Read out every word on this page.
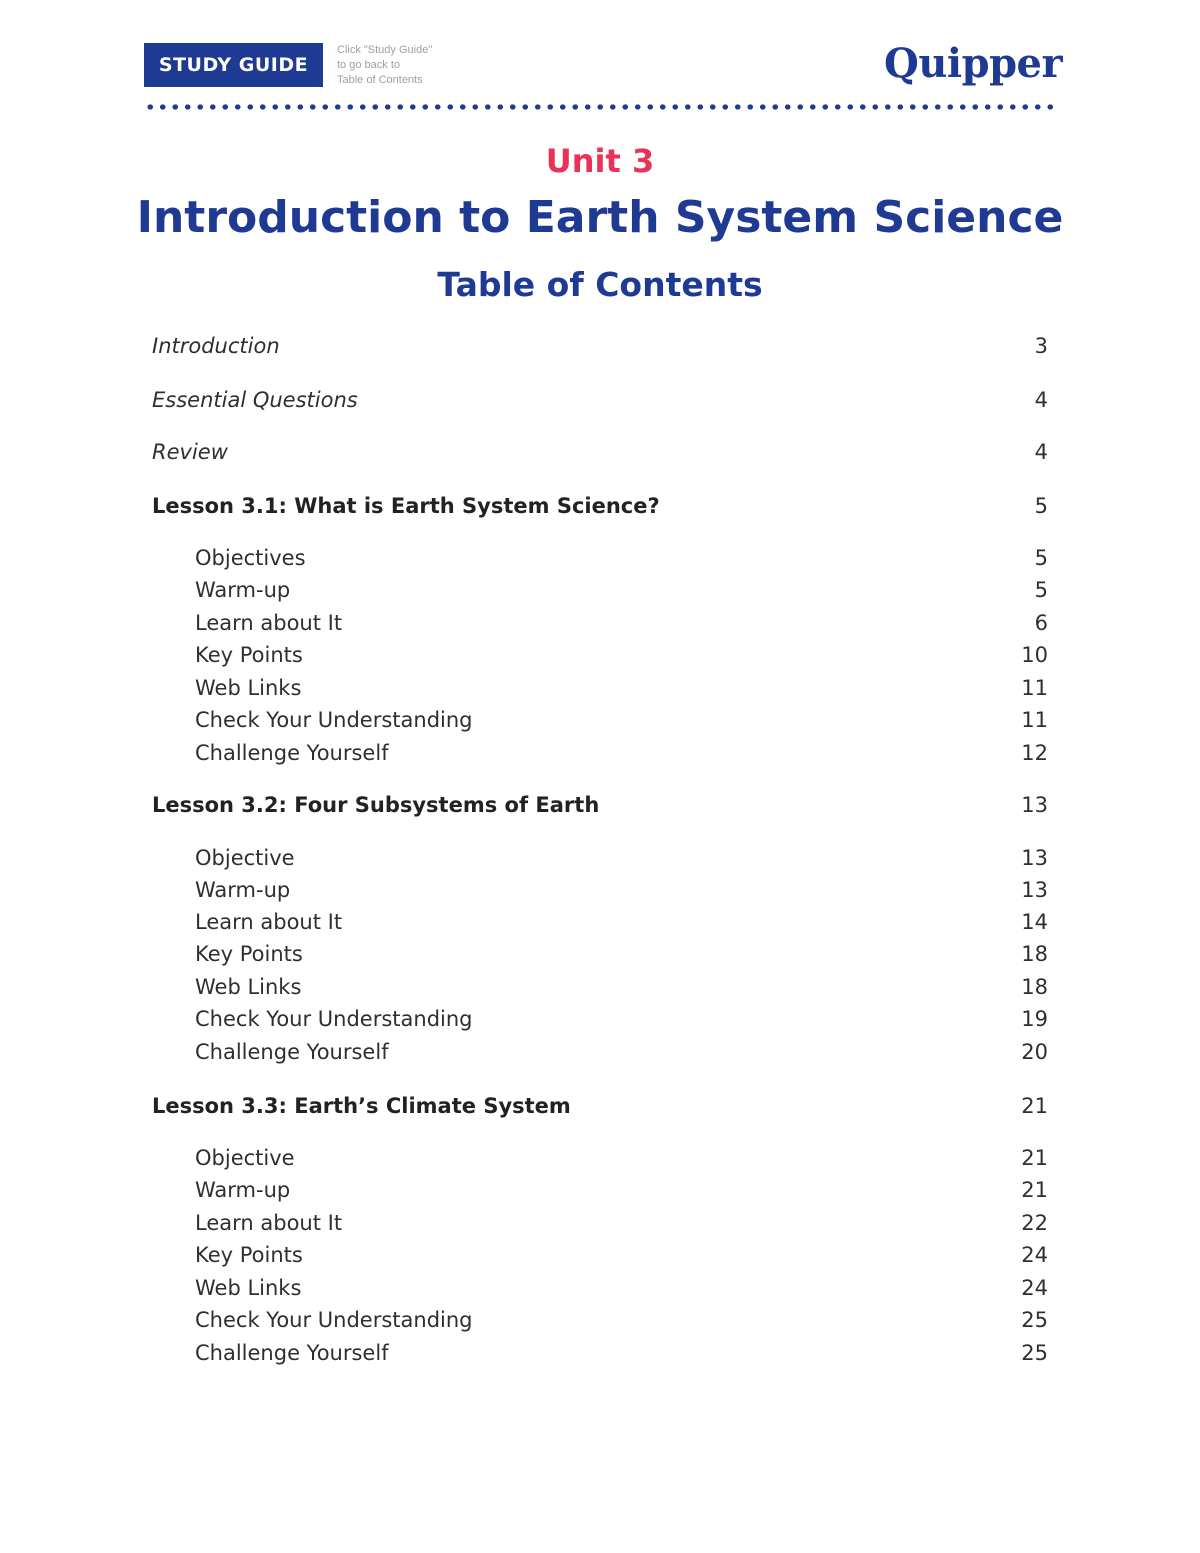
STUDY GUIDE
Click "Study Guide"
to go back to
Table of Contents	Quipper
Unit 3
Introduction to Earth System Science
Table of Contents
Introduction	3
Essential Questions	4
Review	4
Lesson 3.1: What is Earth System Science?	5
Objectives	5
Warm-up	5
Learn about It	6
Key Points	10
Web Links	11
Check Your Understanding	11
Challenge Yourself	12
Lesson 3.2: Four Subsystems of Earth	13
Objective	13
Warm-up	13
Learn about It	14
Key Points	18
Web Links	18
Check Your Understanding	19
Challenge Yourself	20
Lesson 3.3: Earth’s Climate System	21
Objective	21
Warm-up	21
Learn about It	22
Key Points	24
Web Links	24
Check Your Understanding	25
Challenge Yourself	25
